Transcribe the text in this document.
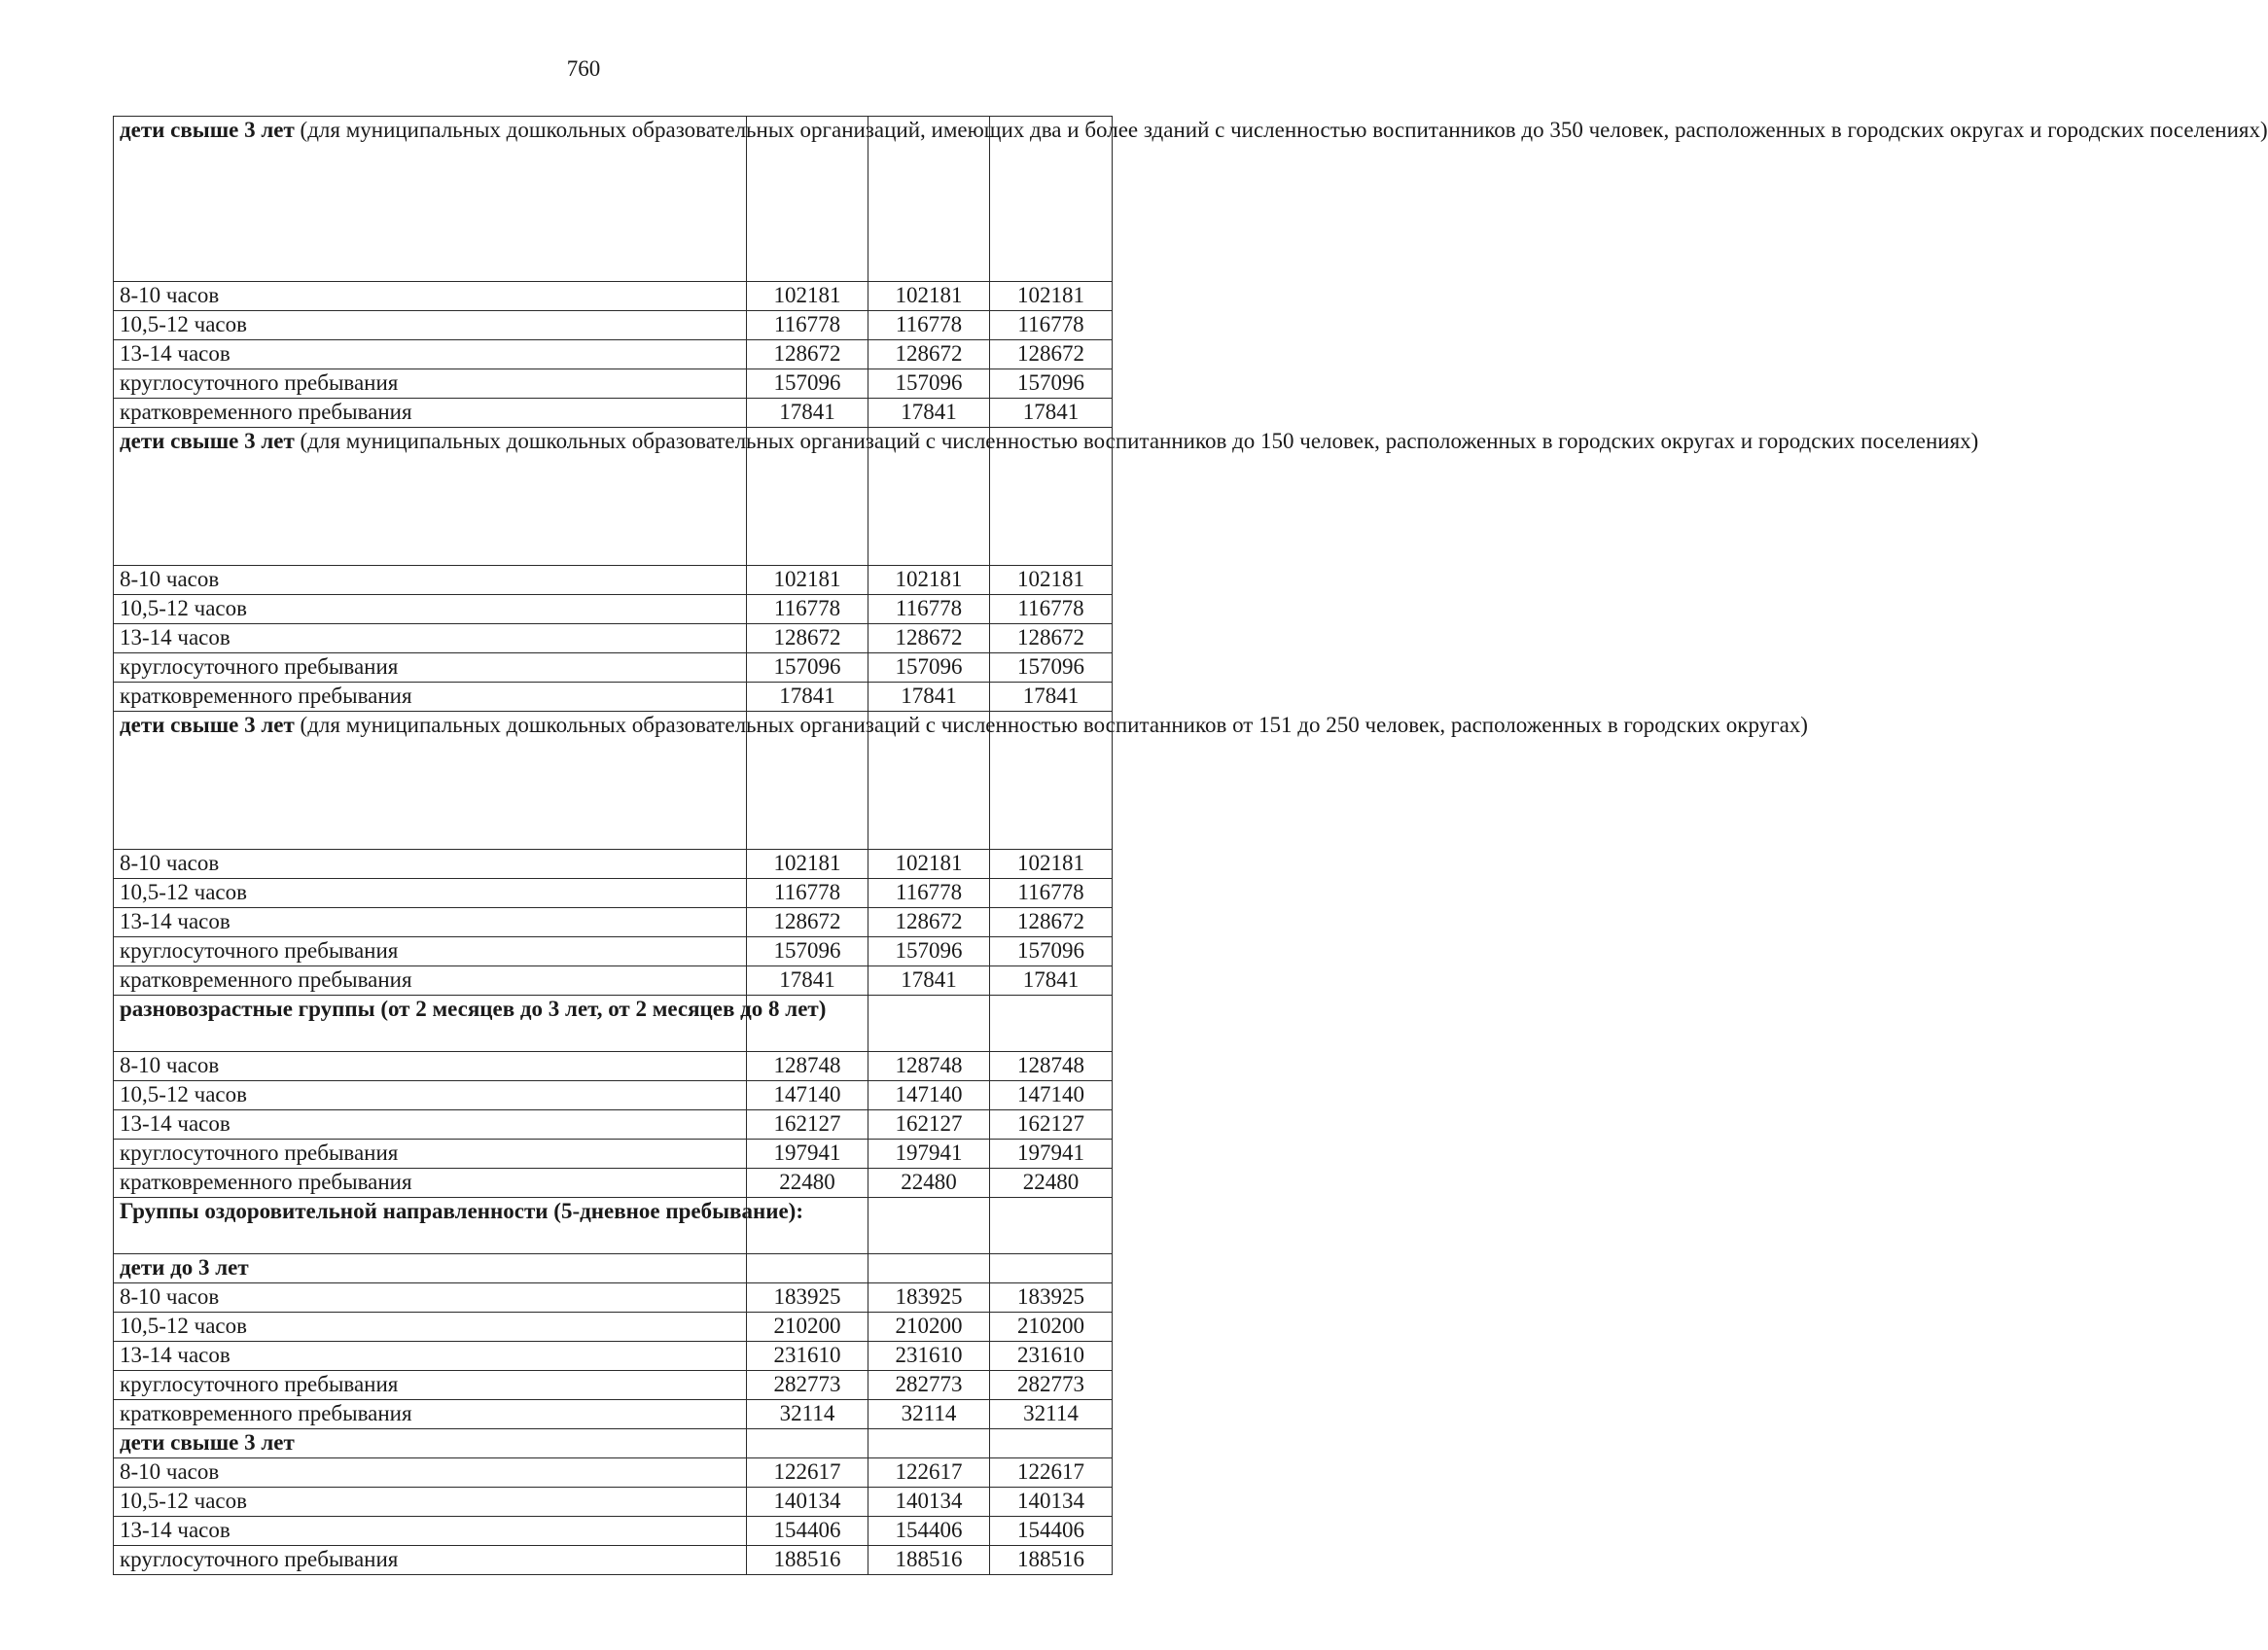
760
дети свыше 3 лет (для муниципальных дошкольных образовательных организаций, имеющих два и более зданий с численностью воспитанников до 350 человек, расположенных в городских округах и городских поселениях)			
8-10 часов	102181	102181	102181
10,5-12 часов	116778	116778	116778
13-14 часов	128672	128672	128672
круглосуточного пребывания	157096	157096	157096
кратковременного пребывания	17841	17841	17841
дети свыше 3 лет (для муниципальных дошкольных образовательных организаций с численностью воспитанников до 150 человек, расположенных в городских округах и городских поселениях)			
8-10 часов	102181	102181	102181
10,5-12 часов	116778	116778	116778
13-14 часов	128672	128672	128672
круглосуточного пребывания	157096	157096	157096
кратковременного пребывания	17841	17841	17841
дети свыше 3 лет (для муниципальных дошкольных образовательных организаций с численностью воспитанников от 151 до 250 человек, расположенных в городских округах)			
8-10 часов	102181	102181	102181
10,5-12 часов	116778	116778	116778
13-14 часов	128672	128672	128672
круглосуточного пребывания	157096	157096	157096
кратковременного пребывания	17841	17841	17841
разновозрастные группы (от 2 месяцев до 3 лет, от 2 месяцев до 8 лет)			
8-10 часов	128748	128748	128748
10,5-12 часов	147140	147140	147140
13-14 часов	162127	162127	162127
круглосуточного пребывания	197941	197941	197941
кратковременного пребывания	22480	22480	22480
Группы оздоровительной направленности (5-дневное пребывание):			
дети до 3 лет			
8-10 часов	183925	183925	183925
10,5-12 часов	210200	210200	210200
13-14 часов	231610	231610	231610
круглосуточного пребывания	282773	282773	282773
кратковременного пребывания	32114	32114	32114
дети свыше 3 лет			
8-10 часов	122617	122617	122617
10,5-12 часов	140134	140134	140134
13-14 часов	154406	154406	154406
круглосуточного пребывания	188516	188516	188516
